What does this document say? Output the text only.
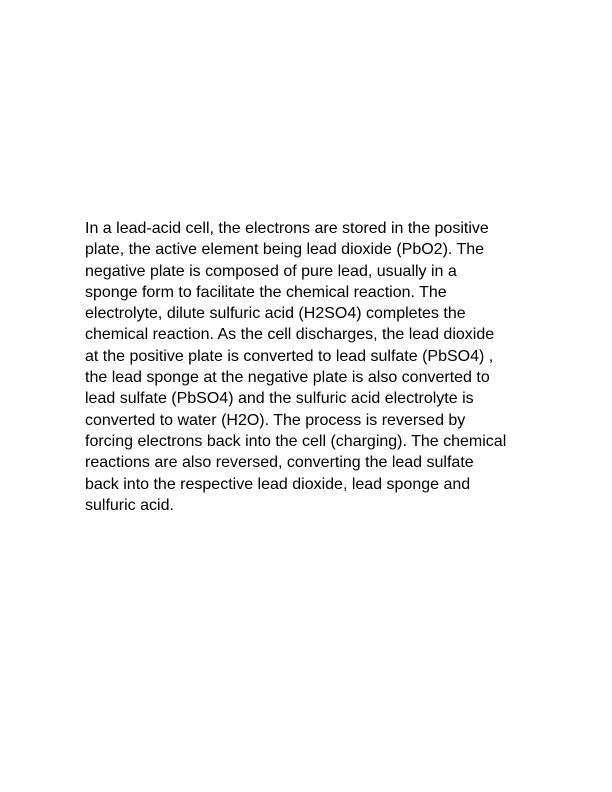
In a lead-acid cell, the electrons are stored in the positive
plate, the active element being lead dioxide (PbO2). The
negative plate is composed of pure lead, usually in a
sponge form to facilitate the chemical reaction. The
electrolyte, dilute sulfuric acid (H2SO4) completes the
chemical reaction. As the cell discharges, the lead dioxide
at the positive plate is converted to lead sulfate (PbSO4) ,
the lead sponge at the negative plate is also converted to
lead sulfate (PbSO4) and the sulfuric acid electrolyte is
converted to water (H2O). The process is reversed by
forcing electrons back into the cell (charging). The chemical
reactions are also reversed, converting the lead sulfate
back into the respective lead dioxide, lead sponge and
sulfuric acid.
